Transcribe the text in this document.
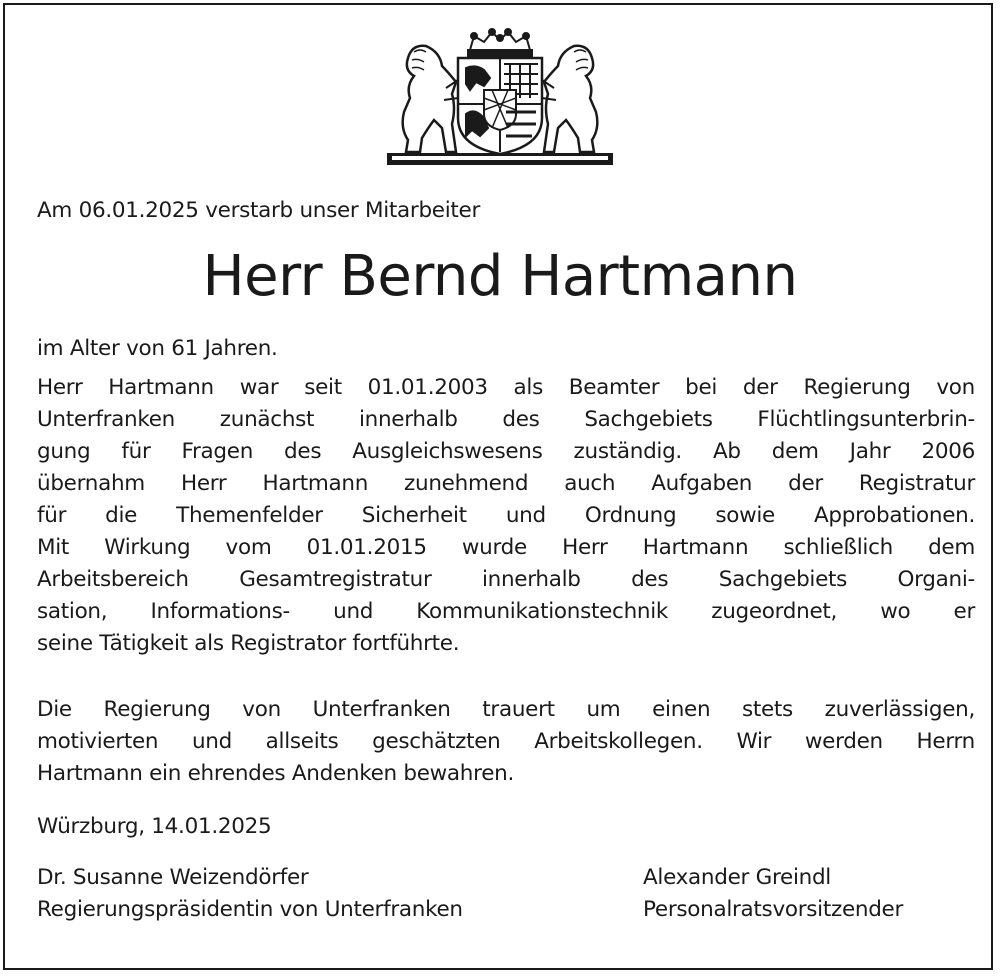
Am 06.01.2025 verstarb unser Mitarbeiter
Herr Bernd Hartmann
im Alter von 61 Jahren.
Herr Hartmann war seit 01.01.2003 als Beamter bei der Regierung von
Unterfranken zunächst innerhalb des Sachgebiets Flüchtlingsunterbrin-
gung für Fragen des Ausgleichswesens zuständig. Ab dem Jahr 2006
übernahm Herr Hartmann zunehmend auch Aufgaben der Registratur
für die Themenfelder Sicherheit und Ordnung sowie Approbationen.
Mit Wirkung vom 01.01.2015 wurde Herr Hartmann schließlich dem
Arbeitsbereich Gesamtregistratur innerhalb des Sachgebiets Organi-
sation, Informations- und Kommunikationstechnik zugeordnet, wo er
seine Tätigkeit als Registrator fortführte.
Die Regierung von Unterfranken trauert um einen stets zuverlässigen,
motivierten und allseits geschätzten Arbeitskollegen. Wir werden Herrn
Hartmann ein ehrendes Andenken bewahren.
Würzburg, 14.01.2025
Dr. Susanne Weizendörfer
Regierungspräsidentin von Unterfranken
Alexander Greindl
Personalratsvorsitzender
